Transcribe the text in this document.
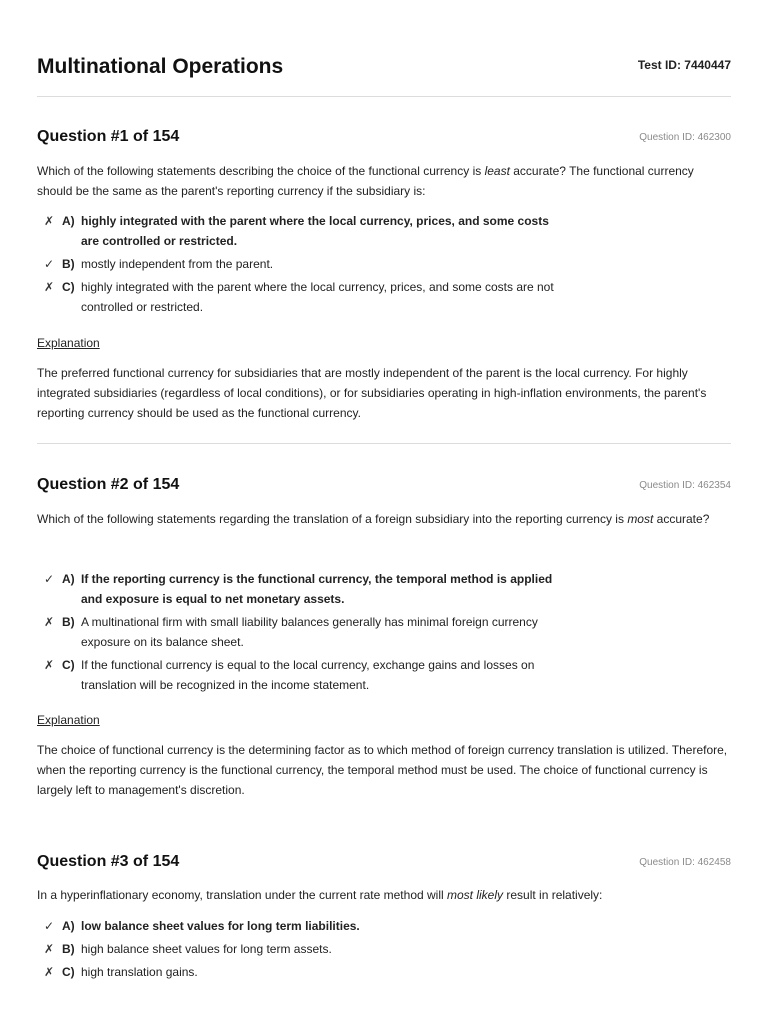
Multinational Operations	Test ID: 7440447
Question #1 of 154	Question ID: 462300
Which of the following statements describing the choice of the functional currency is least accurate? The functional currency should be the same as the parent's reporting currency if the subsidiary is:
✗ A) highly integrated with the parent where the local currency, prices, and some costs are controlled or restricted.
✓ B) mostly independent from the parent.
✗ C) highly integrated with the parent where the local currency, prices, and some costs are not controlled or restricted.
Explanation
The preferred functional currency for subsidiaries that are mostly independent of the parent is the local currency. For highly integrated subsidiaries (regardless of local conditions), or for subsidiaries operating in high-inflation environments, the parent's reporting currency should be used as the functional currency.
Question #2 of 154	Question ID: 462354
Which of the following statements regarding the translation of a foreign subsidiary into the reporting currency is most accurate?
✓ A) If the reporting currency is the functional currency, the temporal method is applied and exposure is equal to net monetary assets.
✗ B) A multinational firm with small liability balances generally has minimal foreign currency exposure on its balance sheet.
✗ C) If the functional currency is equal to the local currency, exchange gains and losses on translation will be recognized in the income statement.
Explanation
The choice of functional currency is the determining factor as to which method of foreign currency translation is utilized. Therefore, when the reporting currency is the functional currency, the temporal method must be used. The choice of functional currency is largely left to management's discretion.
Question #3 of 154	Question ID: 462458
In a hyperinflationary economy, translation under the current rate method will most likely result in relatively:
✓ A) low balance sheet values for long term liabilities.
✗ B) high balance sheet values for long term assets.
✗ C) high translation gains.
